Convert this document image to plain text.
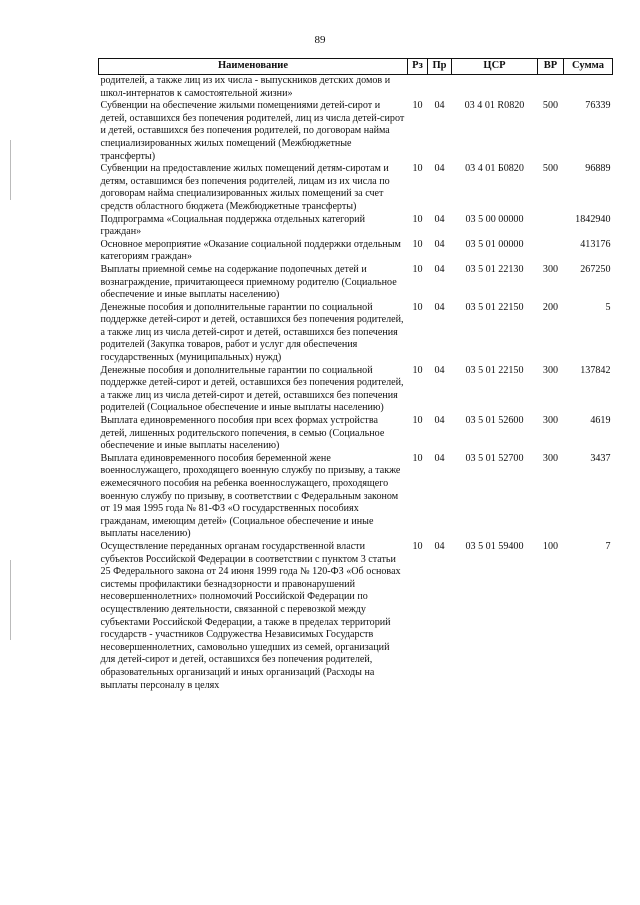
89
Наименование	Рз	Пр	ЦСР	ВР	Сумма
родителей, а также лиц из их числа - выпускников детских домов и школ-интернатов к самостоятельной жизни»					
Субвенции на обеспечение жилыми помещениями детей-сирот и детей, оставшихся без попечения родителей, лиц из числа детей-сирот и детей, оставшихся без попечения родителей, по договорам найма специализированных жилых помещений (Межбюджетные трансферты)	10	04	03 4 01 R0820	500	76339
Субвенции на предоставление жилых помещений детям-сиротам и детям, оставшимся без попечения родителей, лицам из их числа по договорам найма специализированных жилых помещений за счет средств областного бюджета (Межбюджетные трансферты)	10	04	03 4 01 Б0820	500	96889
Подпрограмма «Социальная поддержка отдельных категорий граждан»	10	04	03 5 00 00000		1842940
Основное мероприятие «Оказание социальной поддержки отдельным категориям граждан»	10	04	03 5 01 00000		413176
Выплаты приемной семье на содержание подопечных детей и вознаграждение, причитающееся приемному родителю (Социальное обеспечение и иные выплаты населению)	10	04	03 5 01 22130	300	267250
Денежные пособия и дополнительные гарантии по социальной поддержке детей-сирот и детей, оставшихся без попечения родителей, а также лиц из числа детей-сирот и детей, оставшихся без попечения родителей (Закупка товаров, работ и услуг для обеспечения государственных (муниципальных) нужд)	10	04	03 5 01 22150	200	5
Денежные пособия и дополнительные гарантии по социальной поддержке детей-сирот и детей, оставшихся без попечения родителей, а также лиц из числа детей-сирот и детей, оставшихся без попечения родителей (Социальное обеспечение и иные выплаты населению)	10	04	03 5 01 22150	300	137842
Выплата единовременного пособия при всех формах устройства детей, лишенных родительского попечения, в семью (Социальное обеспечение и иные выплаты населению)	10	04	03 5 01 52600	300	4619
Выплата единовременного пособия беременной жене военнослужащего, проходящего военную службу по призыву, а также ежемесячного пособия на ребенка военнослужащего, проходящего военную службу по призыву, в соответствии с Федеральным законом от 19 мая 1995 года № 81-ФЗ «О государственных пособиях гражданам, имеющим детей» (Социальное обеспечение и иные выплаты населению)	10	04	03 5 01 52700	300	3437
Осуществление переданных органам государственной власти субъектов Российской Федерации в соответствии с пунктом 3 статьи 25 Федерального закона от 24 июня 1999 года № 120-ФЗ «Об основах системы профилактики безнадзорности и правонарушений несовершеннолетних» полномочий Российской Федерации по осуществлению деятельности, связанной с перевозкой между субъектами Российской Федерации, а также в пределах территорий государств - участников Содружества Независимых Государств несовершеннолетних, самовольно ушедших из семей, организаций для детей-сирот и детей, оставшихся без попечения родителей, образовательных организаций и иных организаций (Расходы на выплаты персоналу в целях	10	04	03 5 01 59400	100	7
